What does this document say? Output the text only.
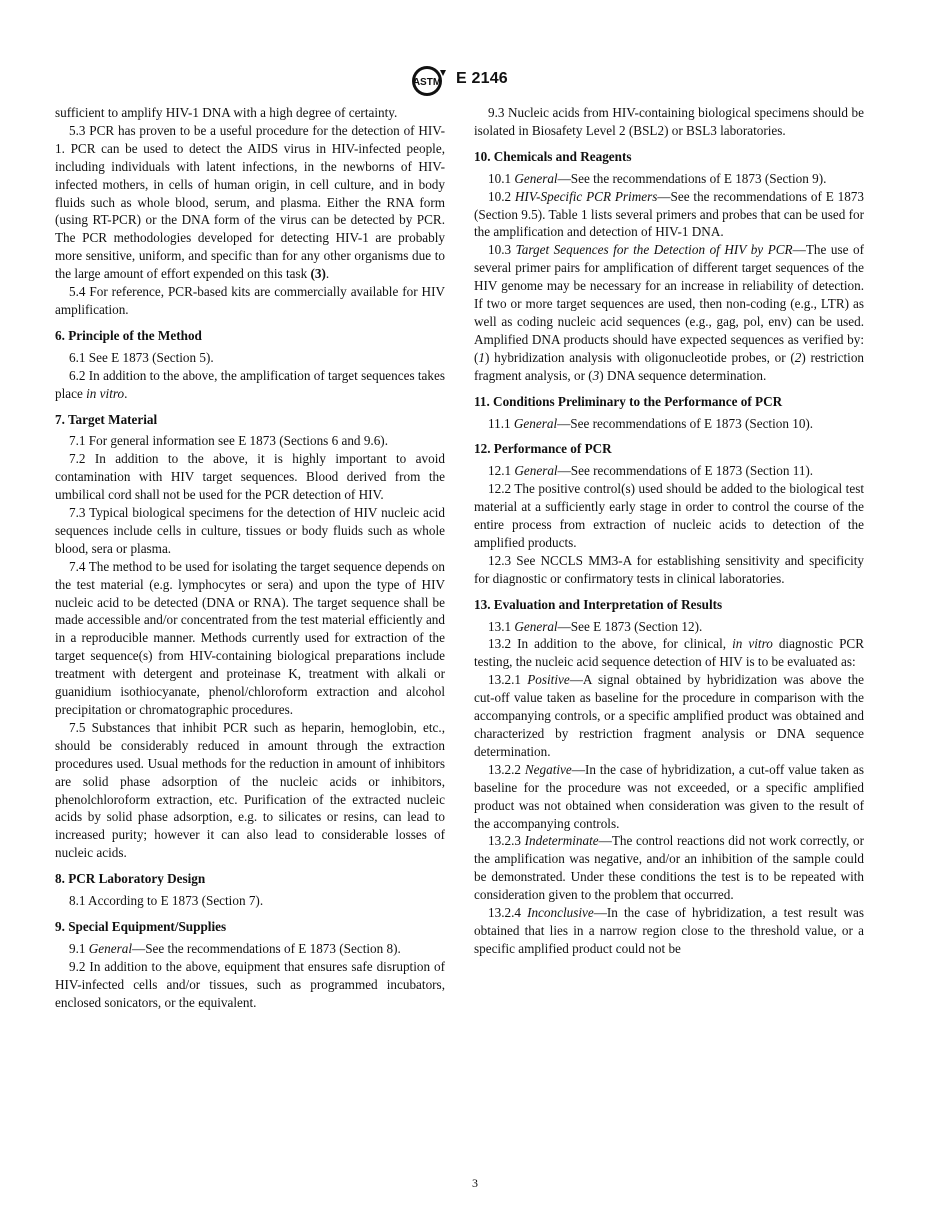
ASTM E 2146
sufficient to amplify HIV-1 DNA with a high degree of certainty.
5.3 PCR has proven to be a useful procedure for the detection of HIV-1. PCR can be used to detect the AIDS virus in HIV-infected people, including individuals with latent infections, in the newborns of HIV-infected mothers, in cells of human origin, in cell culture, and in body fluids such as whole blood, serum, and plasma. Either the RNA form (using RT-PCR) or the DNA form of the virus can be detected by PCR. The PCR methodologies developed for detecting HIV-1 are probably more sensitive, uniform, and specific than for any other organisms due to the large amount of effort expended on this task (3).
5.4 For reference, PCR-based kits are commercially available for HIV amplification.
6. Principle of the Method
6.1 See E 1873 (Section 5).
6.2 In addition to the above, the amplification of target sequences takes place in vitro.
7. Target Material
7.1 For general information see E 1873 (Sections 6 and 9.6).
7.2 In addition to the above, it is highly important to avoid contamination with HIV target sequences. Blood derived from the umbilical cord shall not be used for the PCR detection of HIV.
7.3 Typical biological specimens for the detection of HIV nucleic acid sequences include cells in culture, tissues or body fluids such as whole blood, sera or plasma.
7.4 The method to be used for isolating the target sequence depends on the test material (e.g. lymphocytes or sera) and upon the type of HIV nucleic acid to be detected (DNA or RNA). The target sequence shall be made accessible and/or concentrated from the test material efficiently and in a reproducible manner. Methods currently used for extraction of the target sequence(s) from HIV-containing biological preparations include treatment with detergent and proteinase K, treatment with alkali or guanidium isothiocyanate, phenol/chloroform extraction and alcohol precipitation or chromatographic procedures.
7.5 Substances that inhibit PCR such as heparin, hemoglobin, etc., should be considerably reduced in amount through the extraction procedures used. Usual methods for the reduction in amount of inhibitors are solid phase adsorption of the nucleic acids or inhibitors, phenolchloroform extraction, etc. Purification of the extracted nucleic acids by solid phase adsorption, e.g. to silicates or resins, can lead to increased purity; however it can also lead to considerable losses of nucleic acids.
8. PCR Laboratory Design
8.1 According to E 1873 (Section 7).
9. Special Equipment/Supplies
9.1 General—See the recommendations of E 1873 (Section 8).
9.2 In addition to the above, equipment that ensures safe disruption of HIV-infected cells and/or tissues, such as programmed incubators, enclosed sonicators, or the equivalent.
9.3 Nucleic acids from HIV-containing biological specimens should be isolated in Biosafety Level 2 (BSL2) or BSL3 laboratories.
10. Chemicals and Reagents
10.1 General—See the recommendations of E 1873 (Section 9).
10.2 HIV-Specific PCR Primers—See the recommendations of E 1873 (Section 9.5). Table 1 lists several primers and probes that can be used for the amplification and detection of HIV-1 DNA.
10.3 Target Sequences for the Detection of HIV by PCR—The use of several primer pairs for amplification of different target sequences of the HIV genome may be necessary for an increase in reliability of detection. If two or more target sequences are used, then non-coding (e.g., LTR) as well as coding nucleic acid sequences (e.g., gag, pol, env) can be used. Amplified DNA products should have expected sequences as verified by: (1) hybridization analysis with oligonucleotide probes, or (2) restriction fragment analysis, or (3) DNA sequence determination.
11. Conditions Preliminary to the Performance of PCR
11.1 General—See recommendations of E 1873 (Section 10).
12. Performance of PCR
12.1 General—See recommendations of E 1873 (Section 11).
12.2 The positive control(s) used should be added to the biological test material at a sufficiently early stage in order to control the course of the entire process from extraction of nucleic acids to detection of the amplified products.
12.3 See NCCLS MM3-A for establishing sensitivity and specificity for diagnostic or confirmatory tests in clinical laboratories.
13. Evaluation and Interpretation of Results
13.1 General—See E 1873 (Section 12).
13.2 In addition to the above, for clinical, in vitro diagnostic PCR testing, the nucleic acid sequence detection of HIV is to be evaluated as:
13.2.1 Positive—A signal obtained by hybridization was above the cut-off value taken as baseline for the procedure in comparison with the accompanying controls, or a specific amplified product was obtained and characterized by restriction fragment analysis or DNA sequence determination.
13.2.2 Negative—In the case of hybridization, a cut-off value taken as baseline for the procedure was not exceeded, or a specific amplified product was not obtained when consideration was given to the result of the accompanying controls.
13.2.3 Indeterminate—The control reactions did not work correctly, or the amplification was negative, and/or an inhibition of the sample could be demonstrated. Under these conditions the test is to be repeated with consideration given to the problem that occurred.
13.2.4 Inconclusive—In the case of hybridization, a test result was obtained that lies in a narrow region close to the threshold value, or a specific amplified product could not be
3
